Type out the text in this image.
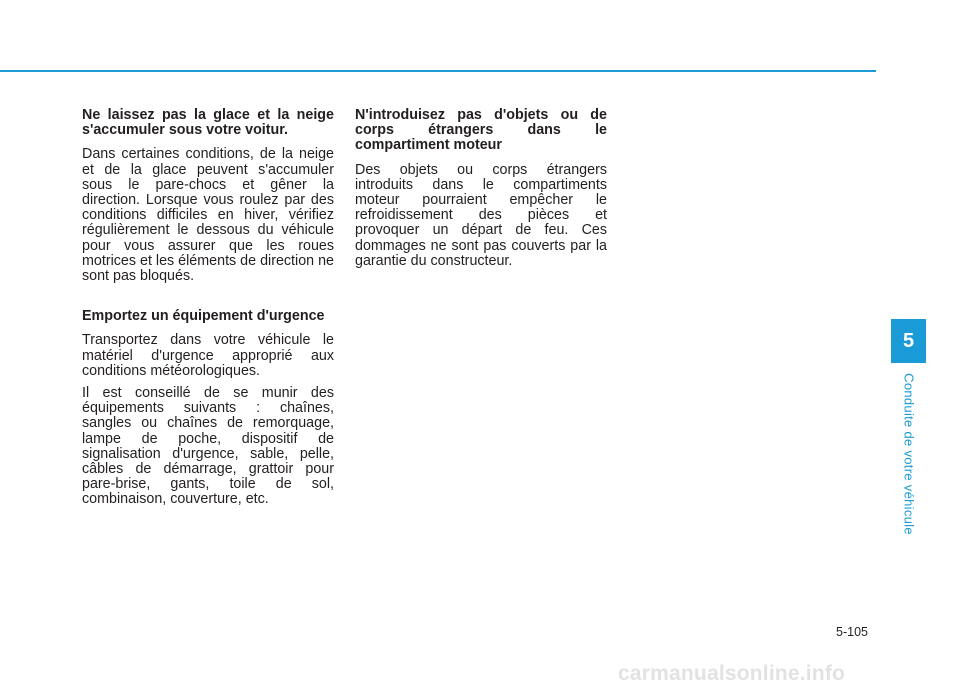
Ne laissez pas la glace et la neige s'accumuler sous votre voitur.
Dans certaines conditions, de la neige et de la glace peuvent s'accumuler sous le pare-chocs et gêner la direction. Lorsque vous roulez par des conditions difficiles en hiver, vérifiez régulièrement le dessous du véhicule pour vous assurer que les roues motrices et les éléments de direction ne sont pas bloqués.
Emportez un équipement d'urgence
Transportez dans votre véhicule le matériel d'urgence approprié aux conditions météorologiques.
Il est conseillé de se munir des équipements suivants : chaînes, sangles ou chaînes de remorquage, lampe de poche, dispositif de signalisation d'urgence, sable, pelle, câbles de démarrage, grattoir pour pare-brise, gants, toile de sol, combinaison, couverture, etc.
N'introduisez pas d'objets ou de corps étrangers dans le compartiment moteur
Des objets ou corps étrangers introduits dans le compartiments moteur pourraient empêcher le refroidissement des pièces et provoquer un départ de feu. Ces dommages ne sont pas couverts par la garantie du constructeur.
5
Conduite de votre véhicule
5-105
carmanualsonline.info
